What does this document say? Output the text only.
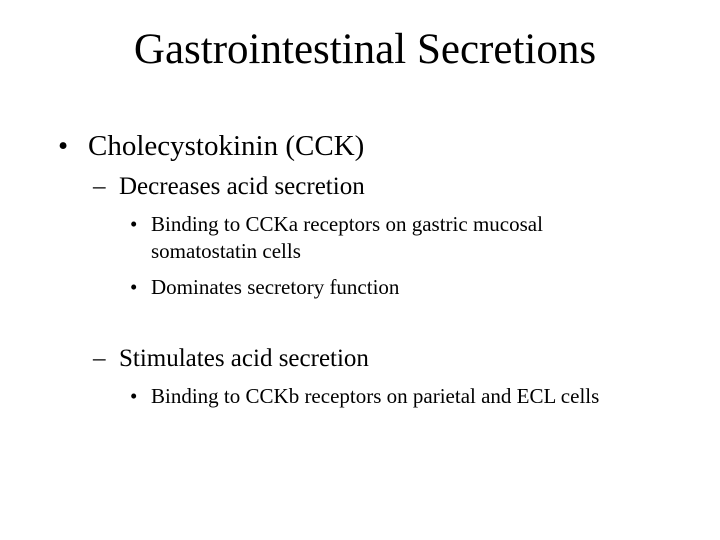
Gastrointestinal Secretions
• Cholecystokinin (CCK)
– Decreases acid secretion
• Binding to CCKa receptors on gastric mucosal
somatostatin cells
• Dominates secretory function
– Stimulates acid secretion
• Binding to CCKb receptors on parietal and ECL cells
